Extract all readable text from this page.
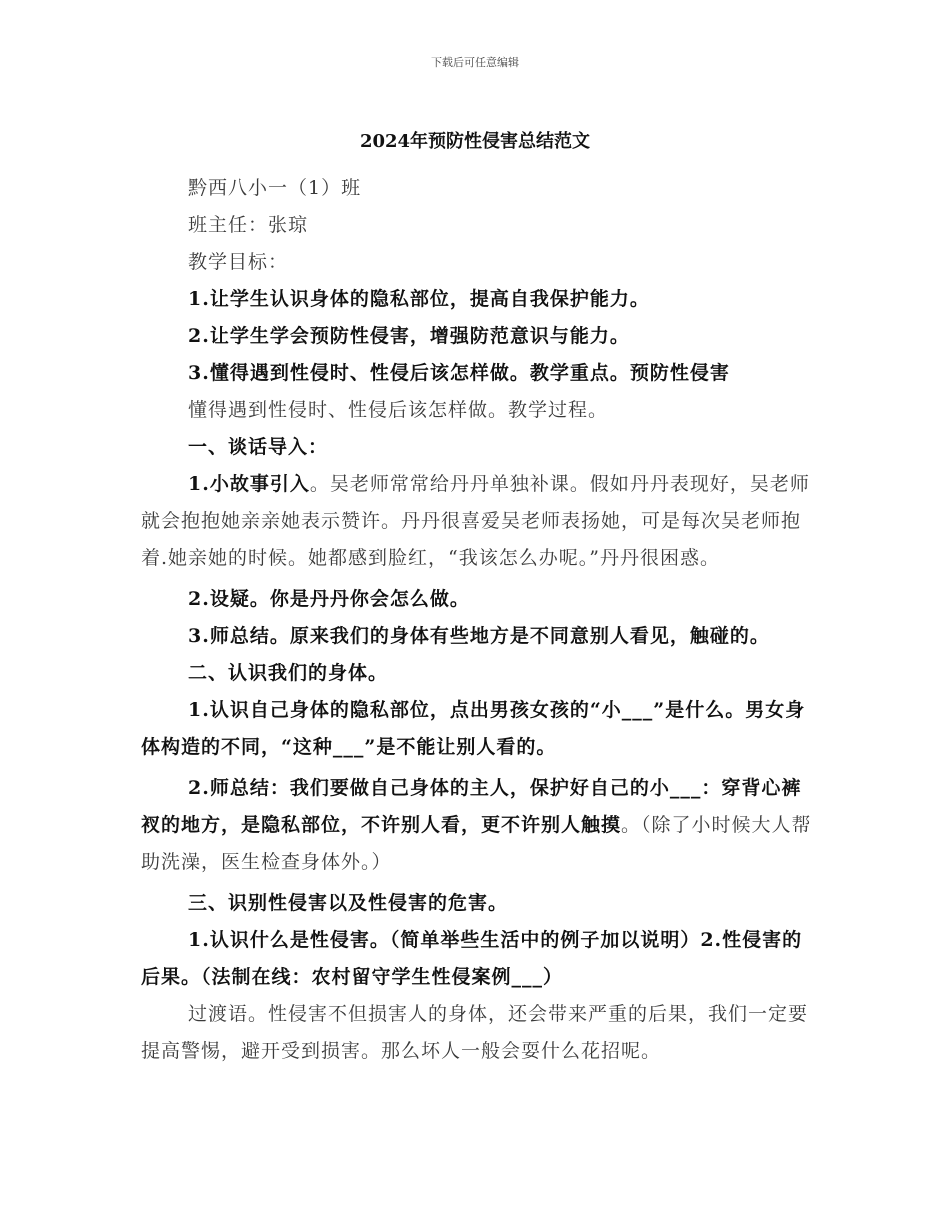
下载后可任意编辑
2024年预防性侵害总结范文

黔西八小一（1）班

班主任：张琼

教学目标：

1.让学生认识身体的隐私部位，提高自我保护能力。

2.让学生学会预防性侵害，增强防范意识与能力。

3.懂得遇到性侵时、性侵后该怎样做。教学重点。预防性侵害

懂得遇到性侵时、性侵后该怎样做。教学过程。

一、谈话导入：

1.小故事引入。吴老师常常给丹丹单独补课。假如丹丹表现好，吴老师就会抱抱她亲亲她表示赞许。丹丹很喜爱吴老师表扬她，可是每次吴老师抱着.她亲她的时候。她都感到脸红，“我该怎么办呢。”丹丹很困惑。

2.设疑。你是丹丹你会怎么做。

3.师总结。原来我们的身体有些地方是不同意别人看见，触碰的。

二、认识我们的身体。

1.认识自己身体的隐私部位，点出男孩女孩的“小___”是什么。男女身体构造的不同，“这种___”是不能让别人看的。

2.师总结：我们要做自己身体的主人，保护好自己的小___：穿背心裤衩的地方，是隐私部位，不许别人看，更不许别人触摸。（除了小时候大人帮助洗澡，医生检查身体外。）

三、识别性侵害以及性侵害的危害。

1.认识什么是性侵害。（简单举些生活中的例子加以说明）2.性侵害的后果。（法制在线：农村留守学生性侵案例___）

过渡语。性侵害不但损害人的身体，还会带来严重的后果，我们一定要提高警惕，避开受到损害。那么坏人一般会耍什么花招呢。
